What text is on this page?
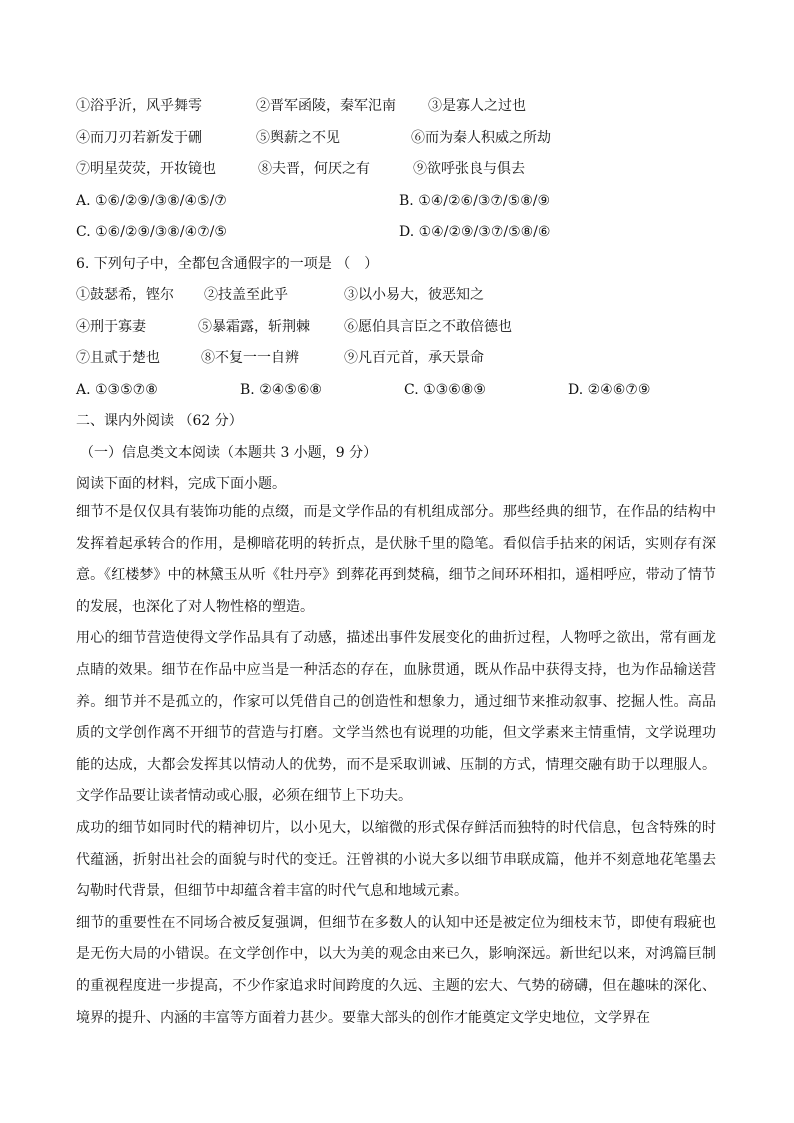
①浴乎沂，风乎舞雩	②晋军函陵，秦军氾南 ③是寡人之过也
④而刀刃若新发于硎	⑤舆薪之不见	⑥而为秦人积威之所劫
⑦明星荧荧，开妆镜也	⑧夫晋，何厌之有	⑨欲呼张良与俱去
A. ①⑥/②⑨/③⑧/④⑤/⑦	B. ①④/②⑥/③⑦/⑤⑧/⑨
C. ①⑥/②⑨/③⑧/④⑦/⑤	D. ①④/②⑨/③⑦/⑤⑧/⑥
6. 下列句子中，全都包含通假字的一项是 （　）
①鼓瑟希，铿尔 ②技盖至此乎	③以小易大，彼恶知之
④刑于寡妻	⑤暴霜露，斩荆棘 ⑥愿伯具言臣之不敢倍德也
⑦且贰于楚也	⑧不复一一自辨	⑨凡百元首，承天景命
A. ①③⑤⑦⑧	B. ②④⑤⑥⑧	C. ①③⑥⑧⑨	D. ②④⑥⑦⑨
二、课内外阅读 （62 分）
（一）信息类文本阅读（本题共 3 小题，9 分）
阅读下面的材料，完成下面小题。

细节不是仅仅具有装饰功能的点缀，而是文学作品的有机组成部分。那些经典的细节，在作品的结构中发挥着起承转合的作用，是柳暗花明的转折点，是伏脉千里的隐笔。看似信手拈来的闲话，实则存有深意。《红楼梦》中的林黛玉从听《牡丹亭》到葬花再到焚稿，细节之间环环相扣，遥相呼应，带动了情节的发展，也深化了对人物性格的塑造。

用心的细节营造使得文学作品具有了动感，描述出事件发展变化的曲折过程，人物呼之欲出，常有画龙点睛的效果。细节在作品中应当是一种活态的存在，血脉贯通，既从作品中获得支持，也为作品输送营养。细节并不是孤立的，作家可以凭借自己的创造性和想象力，通过细节来推动叙事、挖掘人性。高品质的文学创作离不开细节的营造与打磨。文学当然也有说理的功能，但文学素来主情重情，文学说理功能的达成，大都会发挥其以情动人的优势，而不是采取训诫、压制的方式，情理交融有助于以理服人。文学作品要让读者情动或心服，必须在细节上下功夫。

成功的细节如同时代的精神切片，以小见大，以缩微的形式保存鲜活而独特的时代信息，包含特殊的时代蕴涵，折射出社会的面貌与时代的变迁。汪曾祺的小说大多以细节串联成篇，他并不刻意地花笔墨去勾勒时代背景，但细节中却蕴含着丰富的时代气息和地域元素。

细节的重要性在不同场合被反复强调，但细节在多数人的认知中还是被定位为细枝末节，即使有瑕疵也是无伤大局的小错误。在文学创作中，以大为美的观念由来已久，影响深远。新世纪以来，对鸿篇巨制的重视程度进一步提高，不少作家追求时间跨度的久远、主题的宏大、气势的磅礴，但在趣味的深化、境界的提升、内涵的丰富等方面着力甚少。要靠大部头的创作才能奠定文学史地位，文学界在
